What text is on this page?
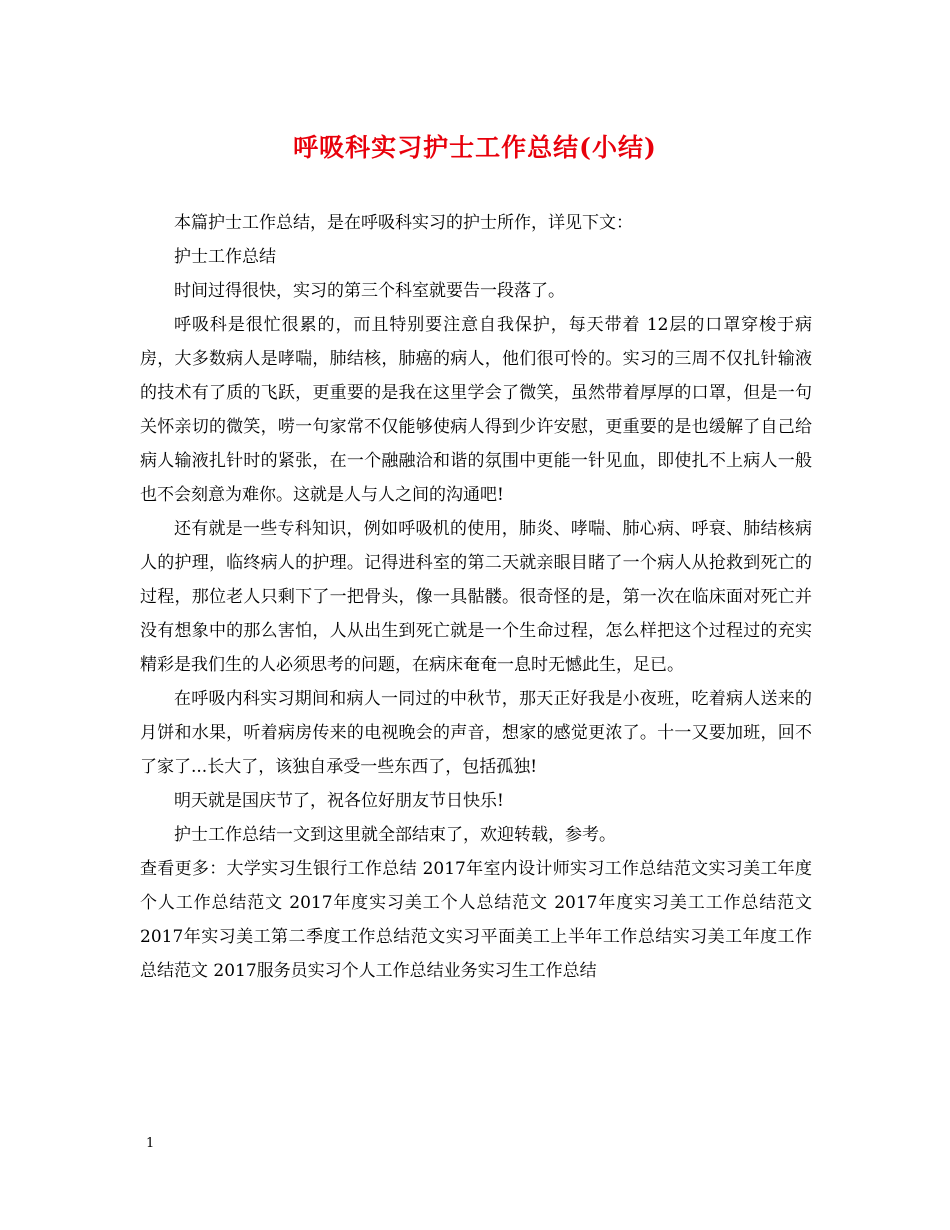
呼吸科实习护士工作总结(小结)

本篇护士工作总结，是在呼吸科实习的护士所作，详见下文：

护士工作总结

时间过得很快，实习的第三个科室就要告一段落了。

呼吸科是很忙很累的，而且特别要注意自我保护，每天带着 12层的口罩穿梭于病房，大多数病人是哮喘，肺结核，肺癌的病人，他们很可怜的。实习的三周不仅扎针输液的技术有了质的飞跃，更重要的是我在这里学会了微笑，虽然带着厚厚的口罩，但是一句关怀亲切的微笑，唠一句家常不仅能够使病人得到少许安慰，更重要的是也缓解了自己给病人输液扎针时的紧张，在一个融融洽和谐的氛围中更能一针见血，即使扎不上病人一般也不会刻意为难你。这就是人与人之间的沟通吧!

还有就是一些专科知识，例如呼吸机的使用，肺炎、哮喘、肺心病、呼衰、肺结核病人的护理，临终病人的护理。记得进科室的第二天就亲眼目睹了一个病人从抢救到死亡的过程，那位老人只剩下了一把骨头，像一具骷髅。很奇怪的是，第一次在临床面对死亡并没有想象中的那么害怕，人从出生到死亡就是一个生命过程，怎么样把这个过程过的充实精彩是我们生的人必须思考的问题，在病床奄奄一息时无憾此生，足已。

在呼吸内科实习期间和病人一同过的中秋节，那天正好我是小夜班，吃着病人送来的月饼和水果，听着病房传来的电视晚会的声音，想家的感觉更浓了。十一又要加班，回不了家了...长大了，该独自承受一些东西了，包括孤独!

明天就是国庆节了，祝各位好朋友节日快乐!

护士工作总结一文到这里就全部结束了，欢迎转载，参考。

查看更多：大学实习生银行工作总结 2017年室内设计师实习工作总结范文实习美工年度个人工作总结范文 2017年度实习美工个人总结范文 2017年度实习美工工作总结范文 2017年实习美工第二季度工作总结范文实习平面美工上半年工作总结实习美工年度工作总结范文 2017服务员实习个人工作总结业务实习生工作总结

1
